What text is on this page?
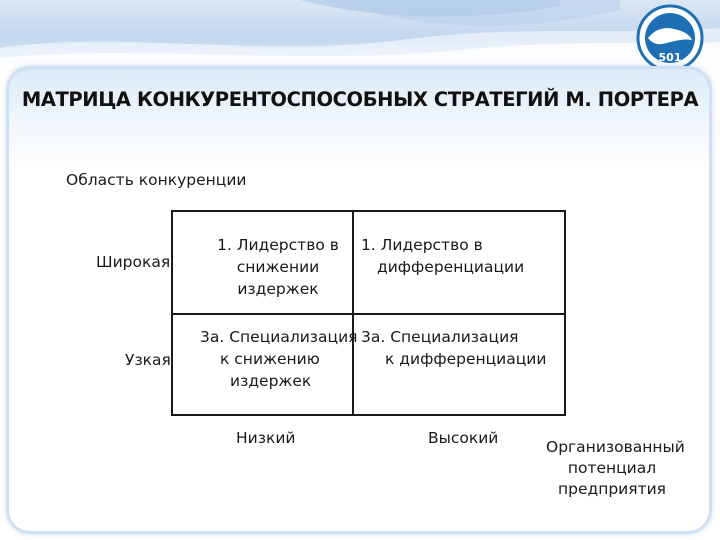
501
МАТРИЦА КОНКУРЕНТОСПОСОБНЫХ СТРАТЕГИЙ М. ПОРТЕРА
Область конкуренции
Широкая
Узкая
1. Лидерство в
снижении
издержек
1. Лидерство в
дифференциации
3а. Специализация
к снижению
издержек
3а. Специализация
к дифференциации
Низкий	Высокий	Организованный
потенциал
предприятия
